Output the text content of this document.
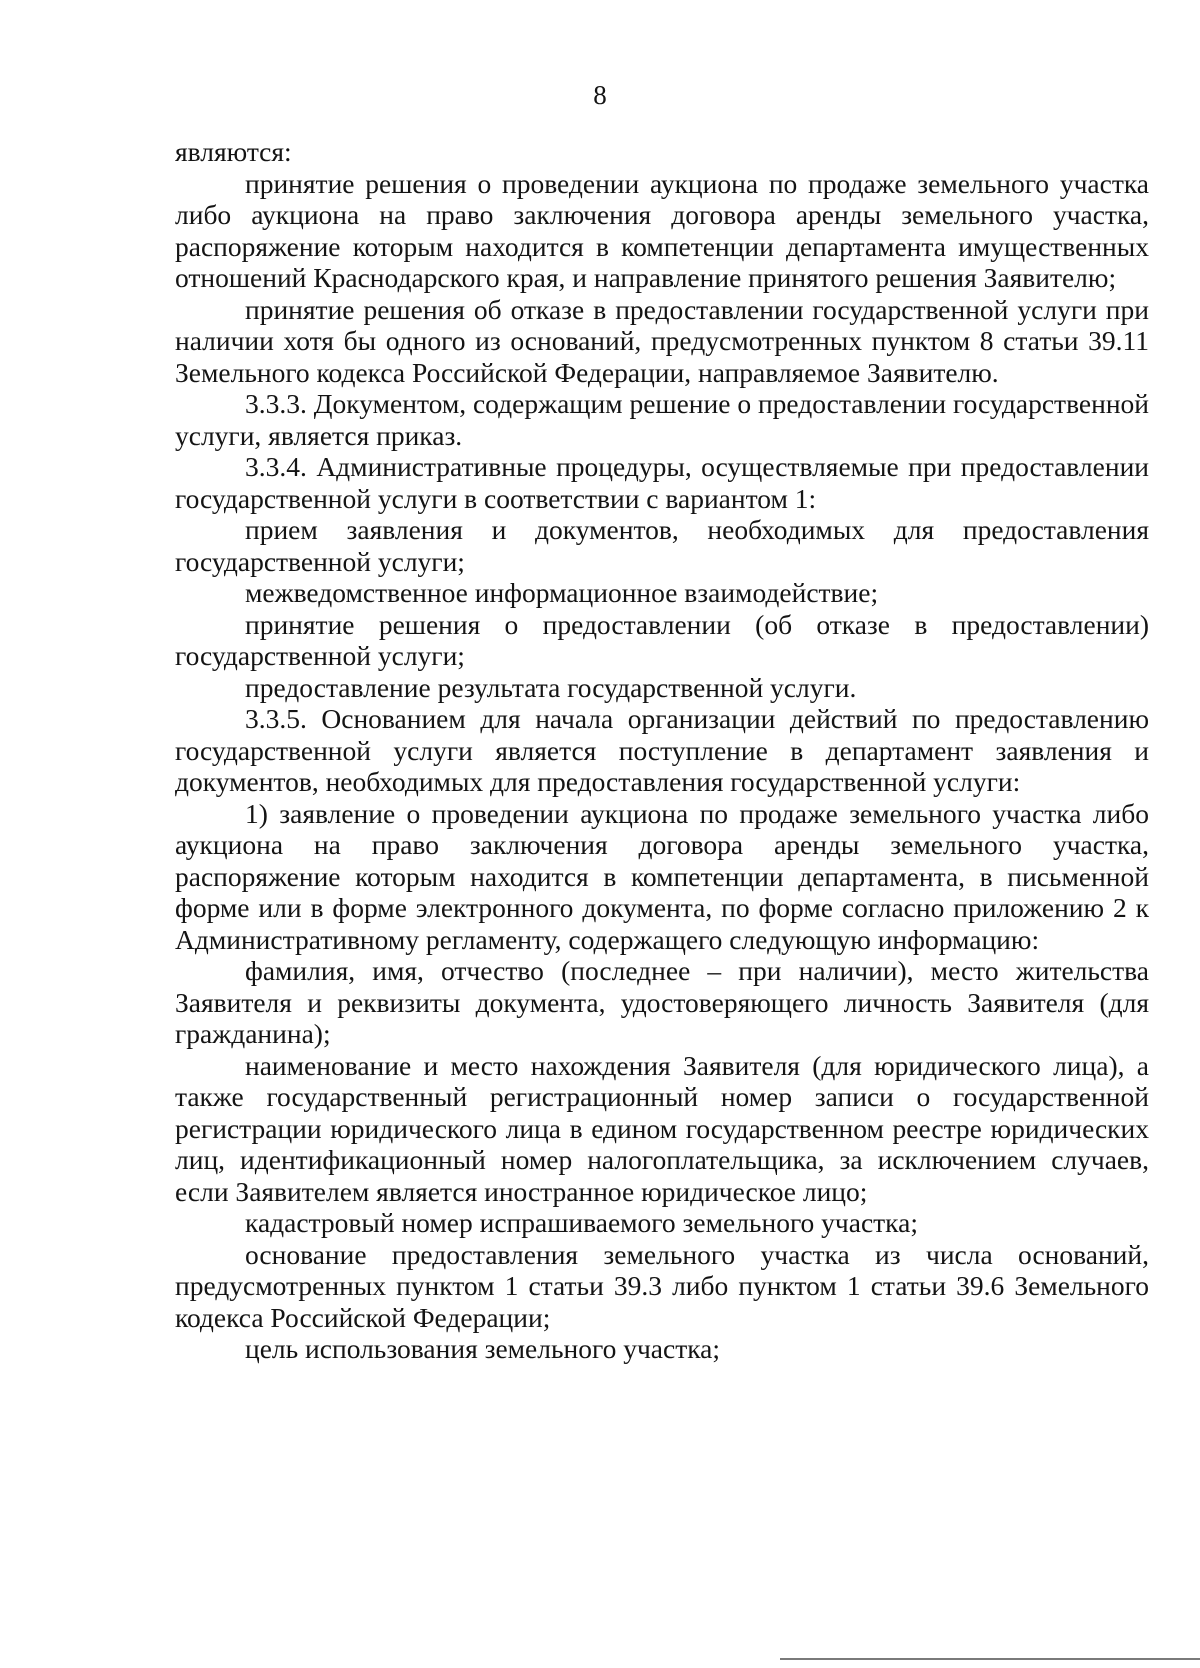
8

являются:

принятие решения о проведении аукциона по продаже земельного участка либо аукциона на право заключения договора аренды земельного участка, распоряжение которым находится в компетенции департамента имущественных отношений Краснодарского края, и направление принятого решения Заявителю;

принятие решения об отказе в предоставлении государственной услуги при наличии хотя бы одного из оснований, предусмотренных пунктом 8 статьи 39.11 Земельного кодекса Российской Федерации, направляемое Заявителю.

3.3.3. Документом, содержащим решение о предоставлении государственной услуги, является приказ.

3.3.4. Административные процедуры, осуществляемые при предоставлении государственной услуги в соответствии с вариантом 1:

прием заявления и документов, необходимых для предоставления государственной услуги;

межведомственное информационное взаимодействие;

принятие решения о предоставлении (об отказе в предоставлении) государственной услуги;

предоставление результата государственной услуги.

3.3.5. Основанием для начала организации действий по предоставлению государственной услуги является поступление в департамент заявления и документов, необходимых для предоставления государственной услуги:

1) заявление о проведении аукциона по продаже земельного участка либо аукциона на право заключения договора аренды земельного участка, распоряжение которым находится в компетенции департамента, в письменной форме или в форме электронного документа, по форме согласно приложению 2 к Административному регламенту, содержащего следующую информацию:

фамилия, имя, отчество (последнее – при наличии), место жительства Заявителя и реквизиты документа, удостоверяющего личность Заявителя (для гражданина);

наименование и место нахождения Заявителя (для юридического лица), а также государственный регистрационный номер записи о государственной регистрации юридического лица в едином государственном реестре юридических лиц, идентификационный номер налогоплательщика, за исключением случаев, если Заявителем является иностранное юридическое лицо;

кадастровый номер испрашиваемого земельного участка;

основание предоставления земельного участка из числа оснований, предусмотренных пунктом 1 статьи 39.3 либо пунктом 1 статьи 39.6 Земельного кодекса Российской Федерации;

цель использования земельного участка;
